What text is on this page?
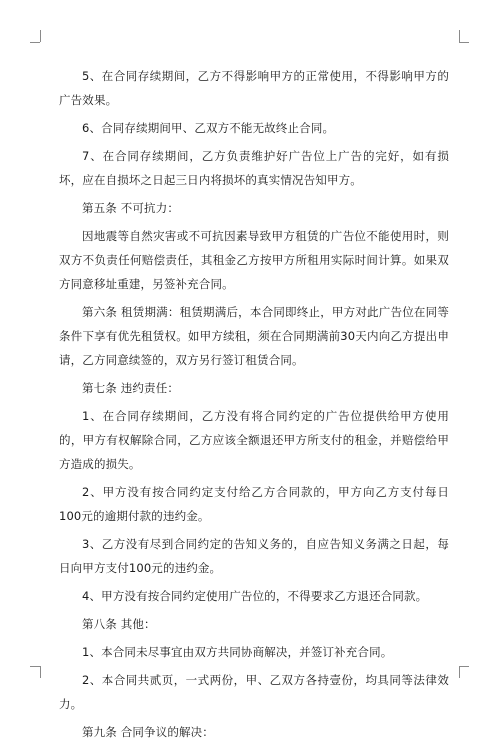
5、在合同存续期间，乙方不得影响甲方的正常使用，不得影响甲方的广告效果。

6、合同存续期间甲、乙双方不能无故终止合同。

7、在合同存续期间，乙方负责维护好广告位上广告的完好，如有损坏，应在自损坏之日起三日内将损坏的真实情况告知甲方。

第五条 不可抗力：

因地震等自然灾害或不可抗因素导致甲方租赁的广告位不能使用时，则双方不负责任何赔偿责任，其租金乙方按甲方所租用实际时间计算。如果双方同意移址重建，另签补充合同。

第六条 租赁期满：租赁期满后，本合同即终止，甲方对此广告位在同等条件下享有优先租赁权。如甲方续租，须在合同期满前30天内向乙方提出申请，乙方同意续签的，双方另行签订租赁合同。

第七条 违约责任：

1、在合同存续期间，乙方没有将合同约定的广告位提供给甲方使用的，甲方有权解除合同，乙方应该全额退还甲方所支付的租金，并赔偿给甲方造成的损失。

2、甲方没有按合同约定支付给乙方合同款的，甲方向乙方支付每日100元的逾期付款的违约金。

3、乙方没有尽到合同约定的告知义务的，自应告知义务满之日起，每日向甲方支付100元的违约金。

4、甲方没有按合同约定使用广告位的，不得要求乙方退还合同款。

第八条 其他：

1、本合同未尽事宜由双方共同协商解决，并签订补充合同。

2、本合同共贰页，一式两份，甲、乙双方各持壹份，均具同等法律效力。

第九条 合同争议的解决：
